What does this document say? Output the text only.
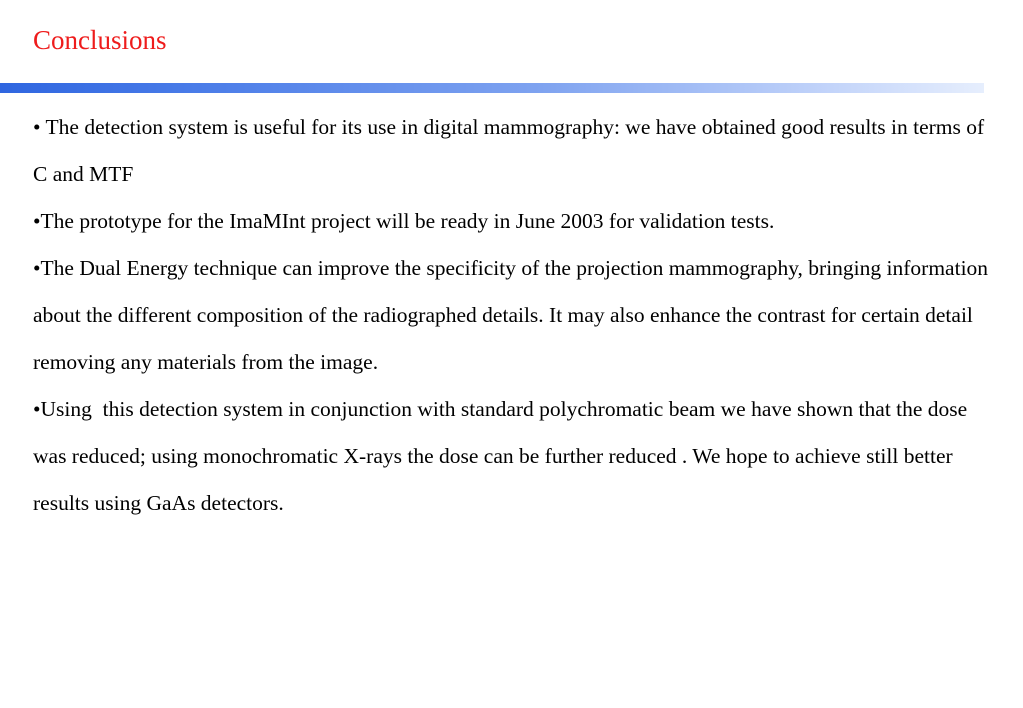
Conclusions

• The detection system is useful for its use in digital mammography: we have obtained good results in terms of C and MTF

•The prototype for the ImaMInt project will be ready in June 2003 for validation tests.

•The Dual Energy technique can improve the specificity of the projection mammography, bringing information about the different composition of the radiographed details. It may also enhance the contrast for certain detail removing any materials from the image.

•Using  this detection system in conjunction with standard polychromatic beam we have shown that the dose was reduced; using monochromatic X-rays the dose can be further reduced . We hope to achieve still better results using GaAs detectors.
